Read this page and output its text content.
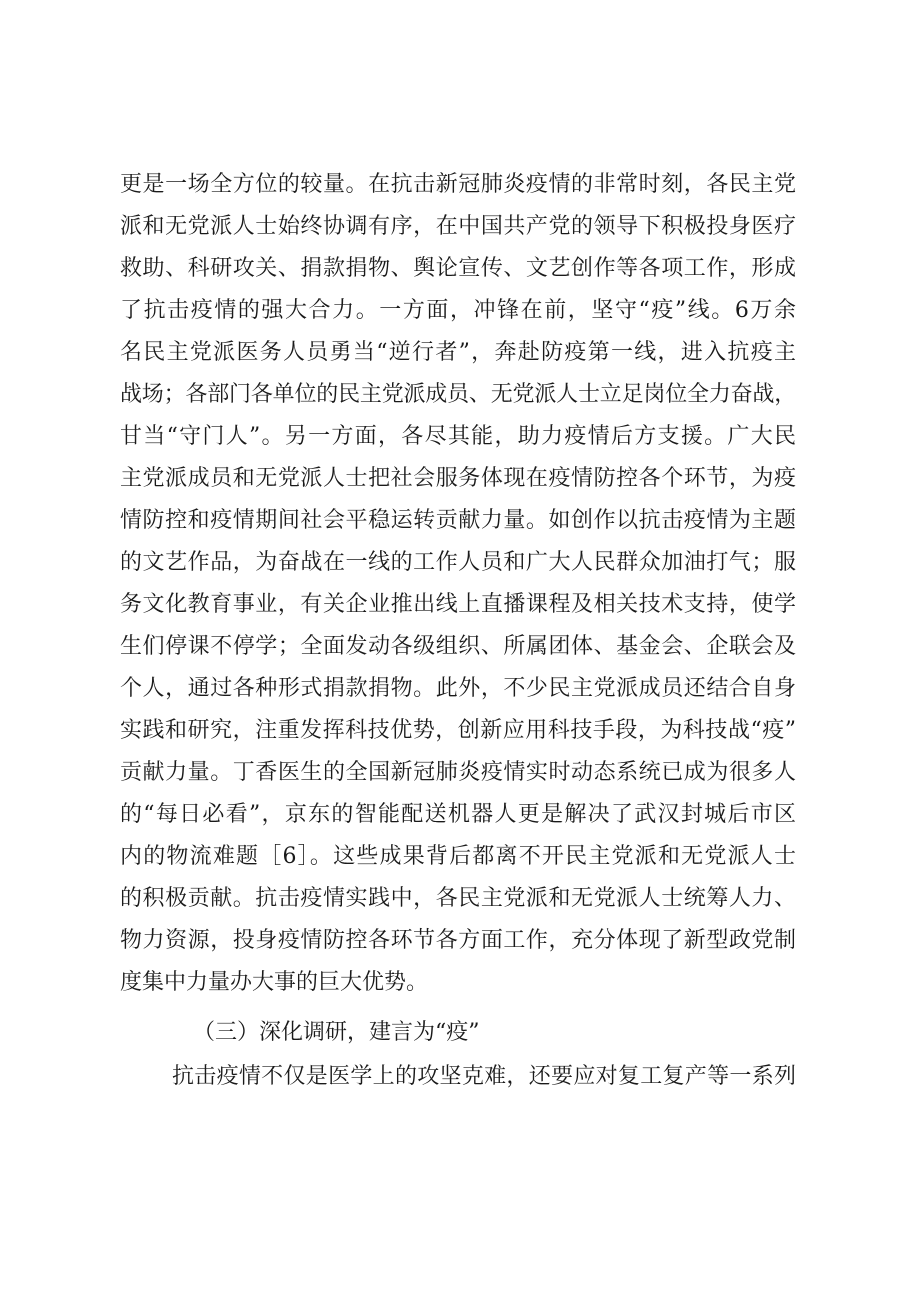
更是一场全方位的较量。在抗击新冠肺炎疫情的非常时刻，各民主党
派和无党派人士始终协调有序，在中国共产党的领导下积极投身医疗
救助、科研攻关、捐款捐物、舆论宣传、文艺创作等各项工作，形成
了抗击疫情的强大合力。一方面，冲锋在前，坚守“疫”线。6万余
名民主党派医务人员勇当“逆行者”，奔赴防疫第一线，进入抗疫主
战场；各部门各单位的民主党派成员、无党派人士立足岗位全力奋战，
甘当“守门人”。另一方面，各尽其能，助力疫情后方支援。广大民
主党派成员和无党派人士把社会服务体现在疫情防控各个环节，为疫
情防控和疫情期间社会平稳运转贡献力量。如创作以抗击疫情为主题
的文艺作品，为奋战在一线的工作人员和广大人民群众加油打气；服
务文化教育事业，有关企业推出线上直播课程及相关技术支持，使学
生们停课不停学；全面发动各级组织、所属团体、基金会、企联会及
个人，通过各种形式捐款捐物。此外，不少民主党派成员还结合自身
实践和研究，注重发挥科技优势，创新应用科技手段，为科技战“疫”
贡献力量。丁香医生的全国新冠肺炎疫情实时动态系统已成为很多人
的“每日必看”，京东的智能配送机器人更是解决了武汉封城后市区
内的物流难题［6］。这些成果背后都离不开民主党派和无党派人士
的积极贡献。抗击疫情实践中，各民主党派和无党派人士统筹人力、
物力资源，投身疫情防控各环节各方面工作，充分体现了新型政党制
度集中力量办大事的巨大优势。
（三）深化调研，建言为“疫”
抗击疫情不仅是医学上的攻坚克难，还要应对复工复产等一系列
